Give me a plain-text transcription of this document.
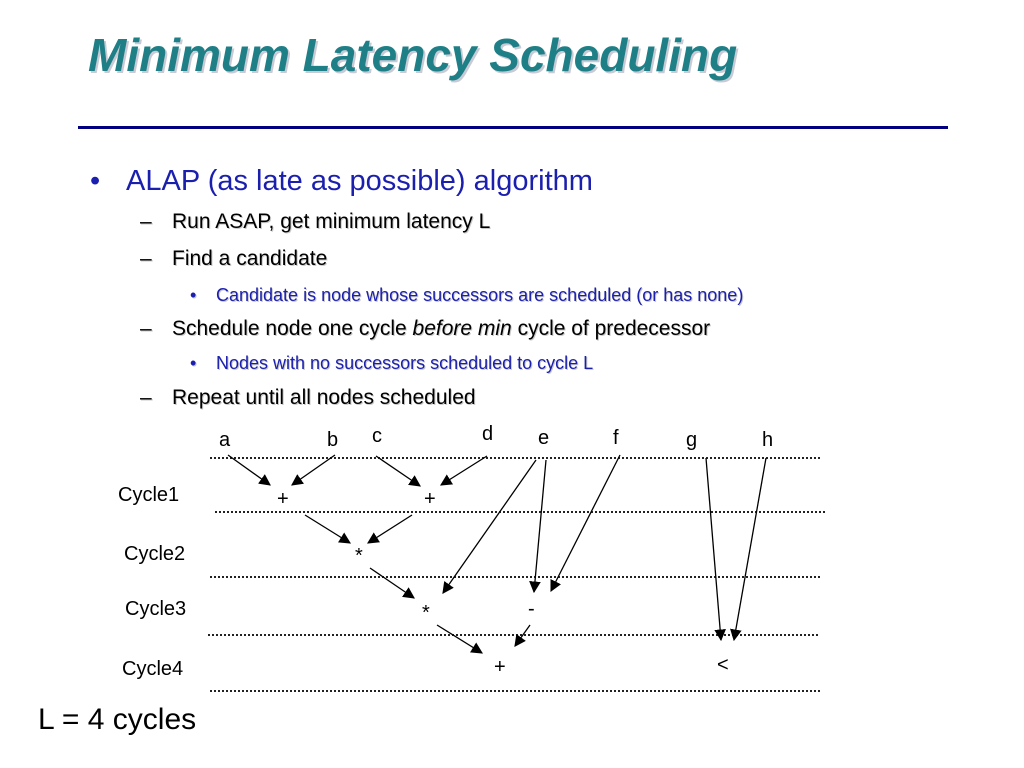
Minimum Latency Scheduling
• ALAP (as late as possible) algorithm
– Run ASAP, get minimum latency L
– Find a candidate
• Candidate is node whose successors are scheduled (or has none)
– Schedule node one cycle before min cycle of predecessor
• Nodes with no successors scheduled to cycle L
– Repeat until all nodes scheduled
a	b c	d e	f	g	h
Cycle1
Cycle2
Cycle3
Cycle4
+	+
*
*	-
+	<
L = 4 cycles
